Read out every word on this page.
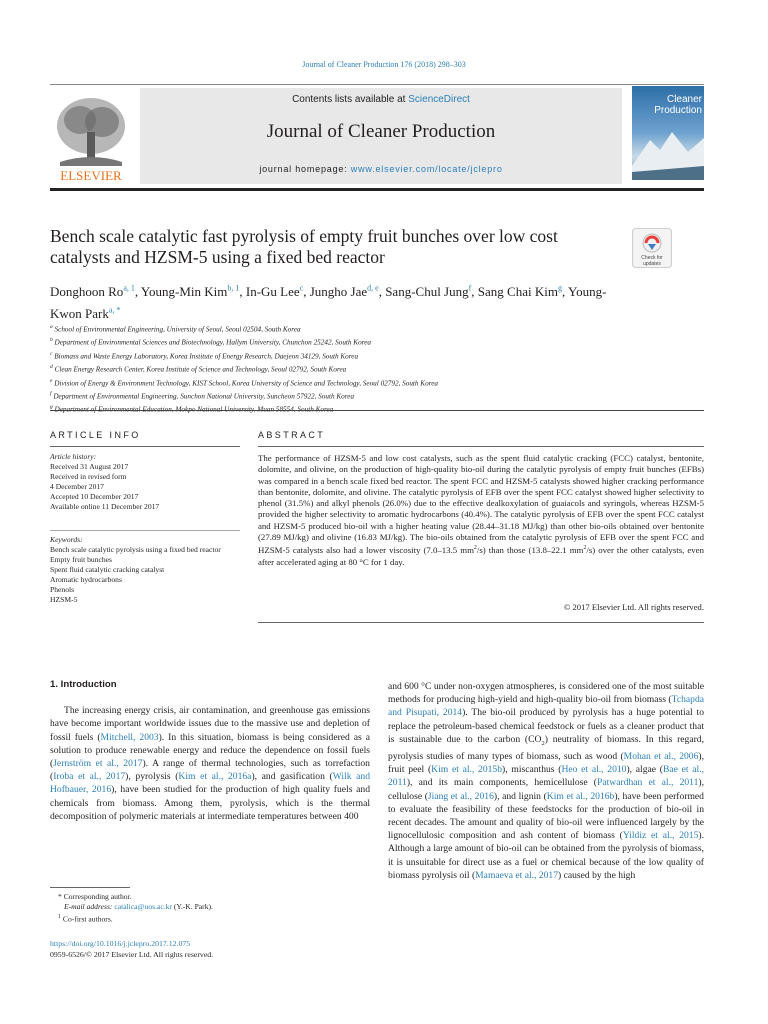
Journal of Cleaner Production 176 (2018) 298–303
ELSEVIER
Contents lists available at ScienceDirect
Journal of Cleaner Production
journal homepage: www.elsevier.com/locate/jclepro
Cleaner
Production
Bench scale catalytic fast pyrolysis of empty fruit bunches over low cost catalysts and HZSM-5 using a fixed bed reactor	Check for
updates
Donghoon Ro$^{a, 1}$, Young-Min Kim$^{b, 1}$, In-Gu Lee$^c$, Jungho Jae$^{d, e}$, Sang-Chul Jung$^f$, Sang Chai Kim$^g$, Young-Kwon Park$^{a, *}$
$^a$ School of Environmental Engineering, University of Seoul, Seoul 02504, South Korea
$^b$ Department of Environmental Sciences and Biotechnology, Hallym University, Chunchon 25242, South Korea
$^c$ Biomass and Waste Energy Laboratory, Korea Institute of Energy Research, Daejeon 34129, South Korea
$^d$ Clean Energy Research Center, Korea Institute of Science and Technology, Seoul 02792, South Korea
$^e$ Division of Energy & Environment Technology, KIST School, Korea University of Science and Technology, Seoul 02792, South Korea
$^f$ Department of Environmental Engineering, Sunchon National University, Suncheon 57922, South Korea
$^g$ Department of Environmental Education, Mokpo National University, Muan 58554, South Korea
ARTICLE INFO
Article history:
Received 31 August 2017
Received in revised form
4 December 2017
Accepted 10 December 2017
Available online 11 December 2017
Keywords:
Bench scale catalytic pyrolysis using a fixed bed reactor
Empty fruit bunches
Spent fluid catalytic cracking catalyst
Aromatic hydrocarbons
Phenols
HZSM-5
ABSTRACT
The performance of HZSM-5 and low cost catalysts, such as the spent fluid catalytic cracking (FCC) catalyst, bentonite, dolomite, and olivine, on the production of high-quality bio-oil during the catalytic pyrolysis of empty fruit bunches (EFBs) was compared in a bench scale fixed bed reactor. The spent FCC and HZSM-5 catalysts showed higher cracking performance than bentonite, dolomite, and olivine. The catalytic pyrolysis of EFB over the spent FCC catalyst showed higher selectivity to phenol (31.5%) and alkyl phenols (26.0%) due to the effective dealkoxylation of guaiacols and syringols, whereas HZSM-5 provided the higher selectivity to aromatic hydrocarbons (40.4%). The catalytic pyrolysis of EFB over the spent FCC catalyst and HZSM-5 produced bio-oil with a higher heating value (28.44–31.18 MJ/kg) than other bio-oils obtained over bentonite (27.89 MJ/kg) and olivine (16.83 MJ/kg). The bio-oils obtained from the catalytic pyrolysis of EFB over the spent FCC and HZSM-5 catalysts also had a lower viscosity (7.0–13.5 $mm^2/s$) than those (13.8–22.1 $mm^2/s$) over the other catalysts, even after accelerated aging at 80 °C for 1 day.
© 2017 Elsevier Ltd. All rights reserved.

1. Introduction

The increasing energy crisis, air contamination, and greenhouse gas emissions have become important worldwide issues due to the massive use and depletion of fossil fuels (Mitchell, 2003). In this situation, biomass is being considered as a solution to produce renewable energy and reduce the dependence on fossil fuels (Jernström et al., 2017). A range of thermal technologies, such as torrefaction (Iroba et al., 2017), pyrolysis (Kim et al., 2016a), and gasification (Wilk and Hofbauer, 2016), have been studied for the production of high quality fuels and chemicals from biomass. Among them, pyrolysis, which is the thermal decomposition of polymeric materials at intermediate temperatures between 400

and 600 °C under non-oxygen atmospheres, is considered one of the most suitable methods for producing high-yield and high-quality bio-oil from biomass (Tchapda and Pisupati, 2014). The bio-oil produced by pyrolysis has a huge potential to replace the petroleum-based chemical feedstock or fuels as a cleaner product that is sustainable due to the carbon $(CO_2)$ neutrality of biomass. In this regard, pyrolysis studies of many types of biomass, such as wood (Mohan et al., 2006), fruit peel (Kim et al., 2015b), miscanthus (Heo et al., 2010), algae (Bae et al., 2011), and its main components, hemicellulose (Patwardhan et al., 2011), cellulose (Jiang et al., 2016), and lignin (Kim et al., 2016b), have been performed to evaluate the feasibility of these feedstocks for the production of bio-oil in recent decades. The amount and quality of bio-oil were influenced largely by the lignocellulosic composition and ash content of biomass (Yildiz et al., 2015). Although a large amount of bio-oil can be obtained from the pyrolysis of biomass, it is unsuitable for direct use as a fuel or chemical because of the low quality of biomass pyrolysis oil (Mamaeva et al., 2017) caused by the high

* Corresponding author.
E-mail address: catalica@uos.ac.kr (Y.-K. Park).
$^1$ Co-first authors.
https://doi.org/10.1016/j.jclepro.2017.12.075
0959-6526/© 2017 Elsevier Ltd. All rights reserved.
